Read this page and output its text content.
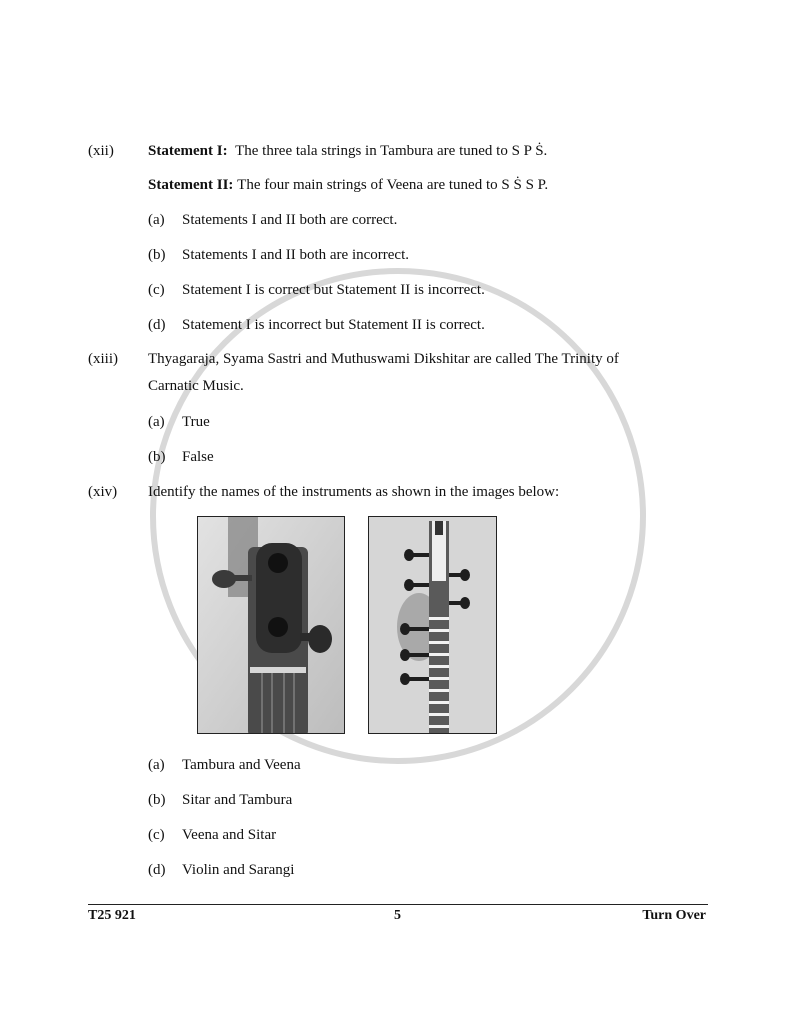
(xii) Statement I: The three tala strings in Tambura are tuned to S P Ṡ.
Statement II: The four main strings of Veena are tuned to S Ṡ S P.
(a) Statements I and II both are correct.
(b) Statements I and II both are incorrect.
(c) Statement I is correct but Statement II is incorrect.
(d) Statement I is incorrect but Statement II is correct.
(xiii) Thyagaraja, Syama Sastri and Muthuswami Dikshitar are called The Trinity of
Carnatic Music.
(a) True
(b) False
(xiv) Identify the names of the instruments as shown in the images below:
(a) Tambura and Veena
(b) Sitar and Tambura
(c) Veena and Sitar
(d) Violin and Sarangi
T25 921	5	Turn Over
